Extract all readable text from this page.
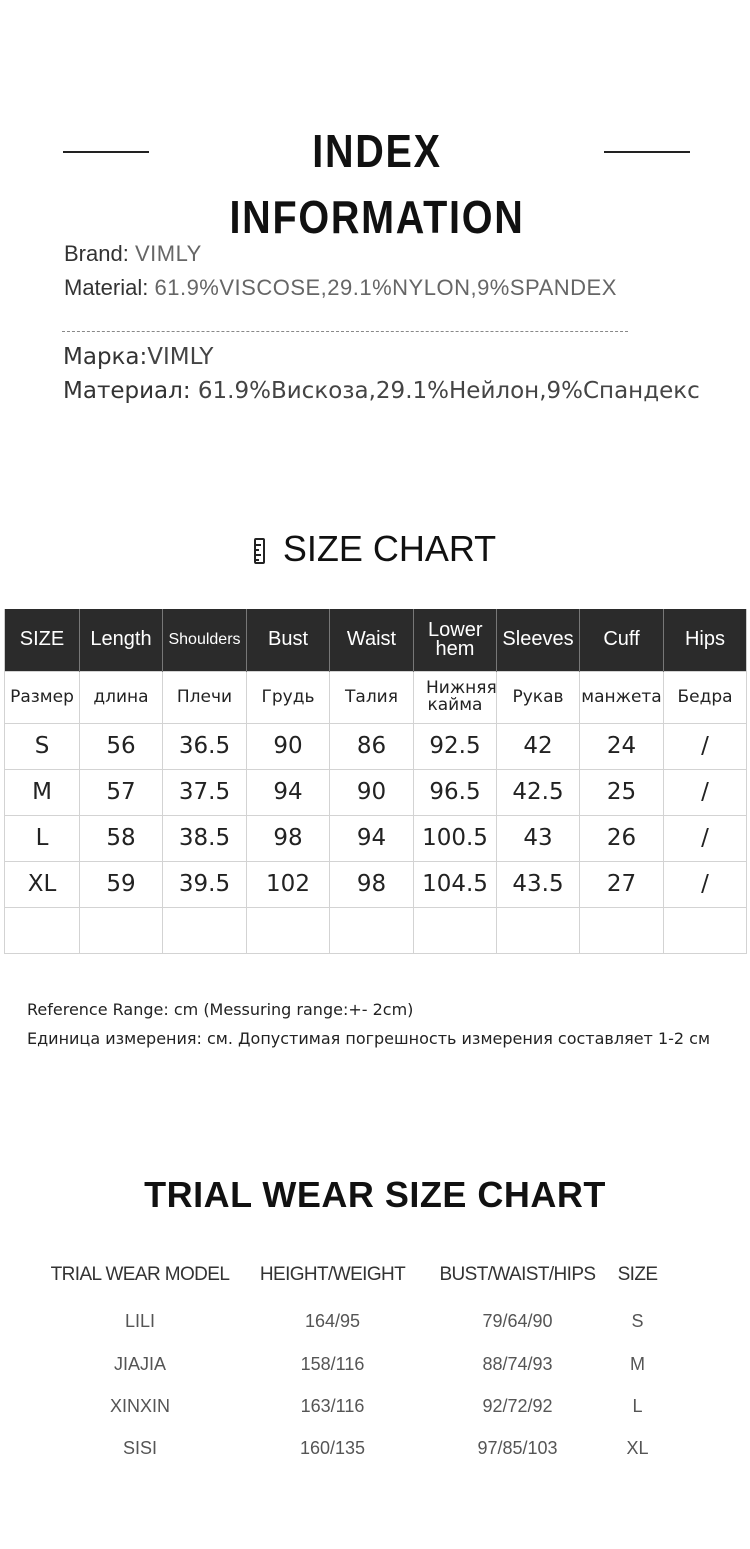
INDEX INFORMATION
Brand: VIMLY
Material: 61.9%VISCOSE,29.1%NYLON,9%SPANDEX
Марка:VIMLY
Материал: 61.9%Вискоза,29.1%Нейлон,9%Спандекс
SIZE CHART
SIZE	Length	Shoulders	Bust	Waist	Lower hem	Sleeves	Cuff	Hips
Размер	длина	Плечи	Грудь	Талия	Нижняя кайма	Рукав	манжета	Бедра
S	56	36.5	90	86	92.5	42	24	/
M	57	37.5	94	90	96.5	42.5	25	/
L	58	38.5	98	94	100.5	43	26	/
XL	59	39.5	102	98	104.5	43.5	27	/

Reference Range: cm (Messuring range:+- 2cm)
Единица измерения: см. Допустимая погрешность измерения составляет 1-2 см
TRIAL WEAR SIZE CHART
TRIAL WEAR MODEL	HEIGHT/WEIGHT	BUST/WAIST/HIPS	SIZE
LILI	164/95	79/64/90	S
JIAJIA	158/116	88/74/93	M
XINXIN	163/116	92/72/92	L
SISI	160/135	97/85/103	XL
